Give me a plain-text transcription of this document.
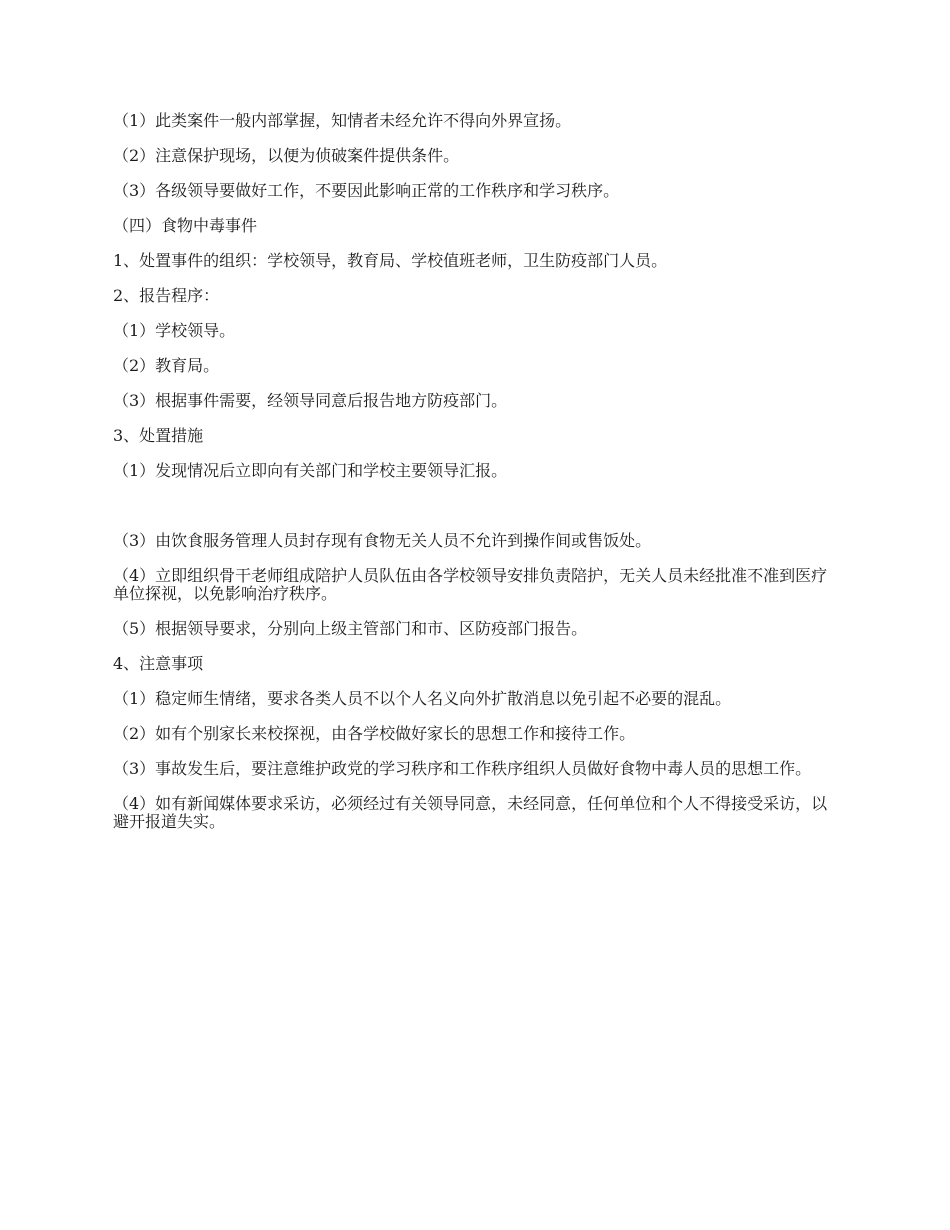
（1）此类案件一般内部掌握，知情者未经允许不得向外界宣扬。

（2）注意保护现场，以便为侦破案件提供条件。

（3）各级领导要做好工作，不要因此影响正常的工作秩序和学习秩序。

（四）食物中毒事件

1、处置事件的组织：学校领导，教育局、学校值班老师，卫生防疫部门人员。

2、报告程序：

（1）学校领导。

（2）教育局。

（3）根据事件需要，经领导同意后报告地方防疫部门。

3、处置措施

（1）发现情况后立即向有关部门和学校主要领导汇报。

（3）由饮食服务管理人员封存现有食物无关人员不允许到操作间或售饭处。

（4）立即组织骨干老师组成陪护人员队伍由各学校领导安排负责陪护，无关人员未经批准不准到医疗单位探视，以免影响治疗秩序。

（5）根据领导要求，分别向上级主管部门和市、区防疫部门报告。

4、注意事项

（1）稳定师生情绪，要求各类人员不以个人名义向外扩散消息以免引起不必要的混乱。

（2）如有个别家长来校探视，由各学校做好家长的思想工作和接待工作。

（3）事故发生后，要注意维护政党的学习秩序和工作秩序组织人员做好食物中毒人员的思想工作。

（4）如有新闻媒体要求采访，必须经过有关领导同意，未经同意，任何单位和个人不得接受采访，以避开报道失实。
